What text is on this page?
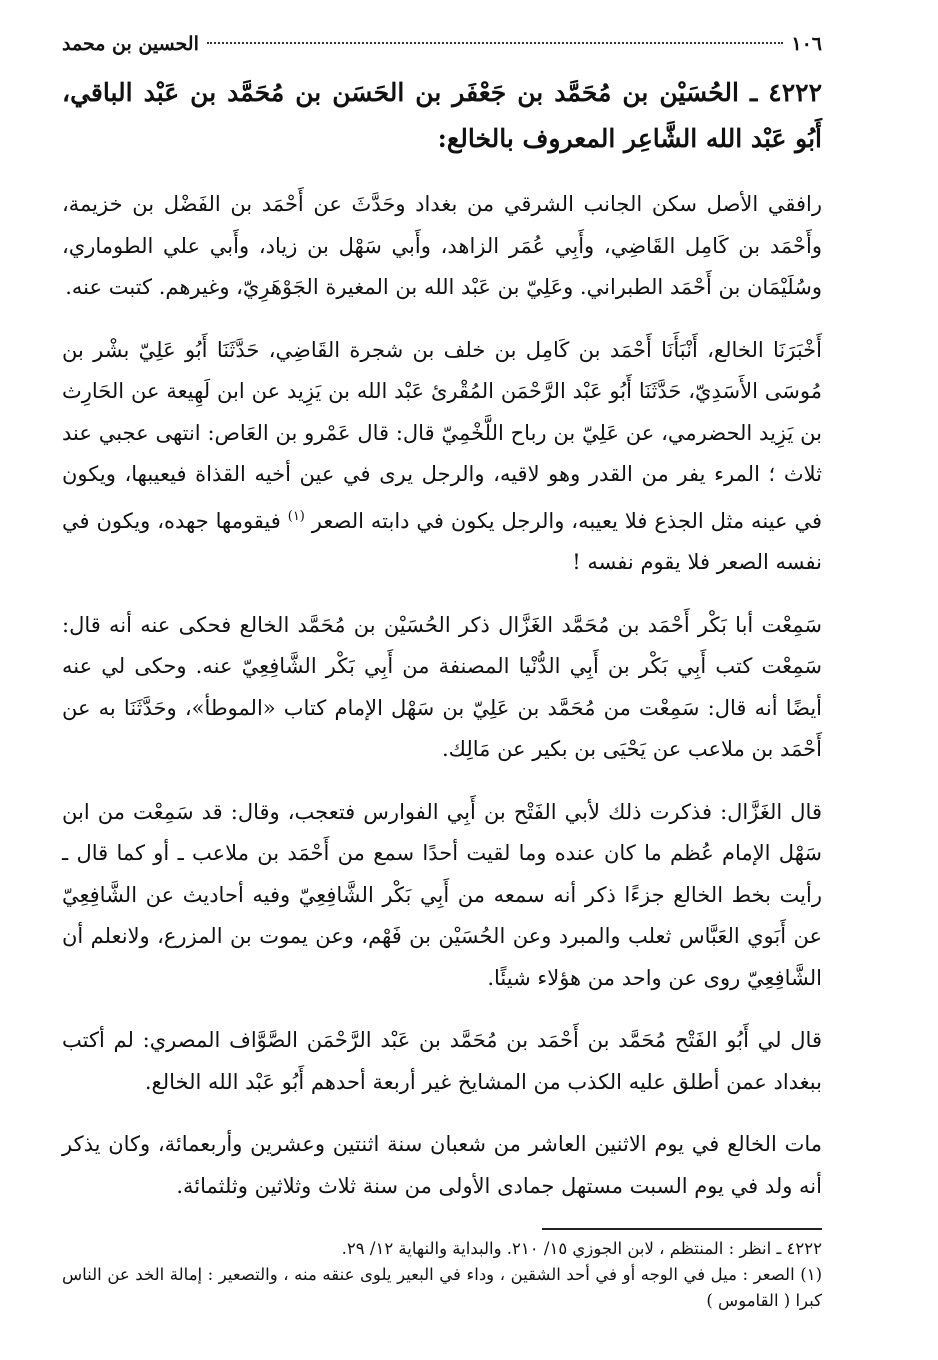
١٠٦
الحسين بن محمد
٤٢٢٢ ـ الحُسَيْن بن مُحَمَّد بن جَعْفَر بن الحَسَن بن مُحَمَّد بن عَبْد الباقي، أَبُو عَبْد الله الشَّاعِر المعروف بالخالع:

رافقي الأصل سكن الجانب الشرقي من بغداد وحَدَّثَ عن أَحْمَد بن الفَضْل بن خزيمة، وأَحْمَد بن كَامِل القَاضِي، وأَبِي عُمَر الزاهد، وأَبي سَهْل بن زياد، وأَبي علي الطوماري، وسُلَيْمَان بن أَحْمَد الطبراني. وعَلِيّ بن عَبْد الله بن المغيرة الجَوْهَرِيّ، وغيرهم. كتبت عنه.

أَخْبَرَنَا الخالع، أَنْبَأَنَا أَحْمَد بن كَامِل بن خلف بن شجرة القَاضِي، حَدَّثَنَا أَبُو عَلِيّ بشْر بن مُوسَى الأَسَدِيّ، حَدَّثَنَا أَبُو عَبْد الرَّحْمَن المُقْرئ عَبْد الله بن يَزِيد عن ابن لَهِيعة عن الحَارِث بن يَزِيد الحضرمي، عن عَلِيّ بن رباح اللَّخْمِيّ قال: قال عَمْرو بن العَاص: انتهى عجبي عند ثلاث ؛ المرء يفر من القدر وهو لاقيه، والرجل يرى في عين أخيه القذاة فيعيبها، ويكون في عينه مثل الجذع فلا يعيبه، والرجل يكون في دابته الصعر $^{(١)}$ فيقومها جهده، ويكون في نفسه الصعر فلا يقوم نفسه !

سَمِعْت أبا بَكْر أَحْمَد بن مُحَمَّد الغَزَّال ذكر الحُسَيْن بن مُحَمَّد الخالع فحكى عنه أنه قال: سَمِعْت كتب أَبِي بَكْر بن أَبِي الدُّنْيا المصنفة من أَبِي بَكْر الشَّافِعِيّ عنه. وحكى لي عنه أيضًا أنه قال: سَمِعْت من مُحَمَّد بن عَلِيّ بن سَهْل الإمام كتاب «الموطأ»، وحَدَّثَنَا به عن أَحْمَد بن ملاعب عن يَحْيَى بن بكير عن مَالِك.

قال الغَزَّال: فذكرت ذلك لأبي الفَتْح بن أَبِي الفوارس فتعجب، وقال: قد سَمِعْت من ابن سَهْل الإمام عُظم ما كان عنده وما لقيت أحدًا سمع من أَحْمَد بن ملاعب ـ أو كما قال ـ رأيت بخط الخالع جزءًا ذكر أنه سمعه من أَبِي بَكْر الشَّافِعِيّ وفيه أحاديث عن الشَّافِعِيّ عن أَبَوي العَبَّاس ثعلب والمبرد وعن الحُسَيْن بن فَهْم، وعن يموت بن المزرع، ولانعلم أن الشَّافِعِيّ روى عن واحد من هؤلاء شيئًا.

قال لي أَبُو الفَتْح مُحَمَّد بن أَحْمَد بن مُحَمَّد بن عَبْد الرَّحْمَن الصَّوَّاف المصري: لم أكتب ببغداد عمن أطلق عليه الكذب من المشايخ غير أربعة أحدهم أَبُو عَبْد الله الخالع.

مات الخالع في يوم الاثنين العاشر من شعبان سنة اثنتين وعشرين وأربعمائة، وكان يذكر أنه ولد في يوم السبت مستهل جمادى الأولى من سنة ثلاث وثلاثين وثلثمائة.

٤٢٢٢ ـ انظر : المنتظم ، لابن الجوزي ١٥/ ٢١٠. والبداية والنهاية ١٢/ ٢٩.
(١) الصعر : ميل في الوجه أو في أحد الشقين ، وداء في البعير يلوى عنقه منه ، والتصعير : إمالة الخد عن الناس كبرا ( القاموس )
